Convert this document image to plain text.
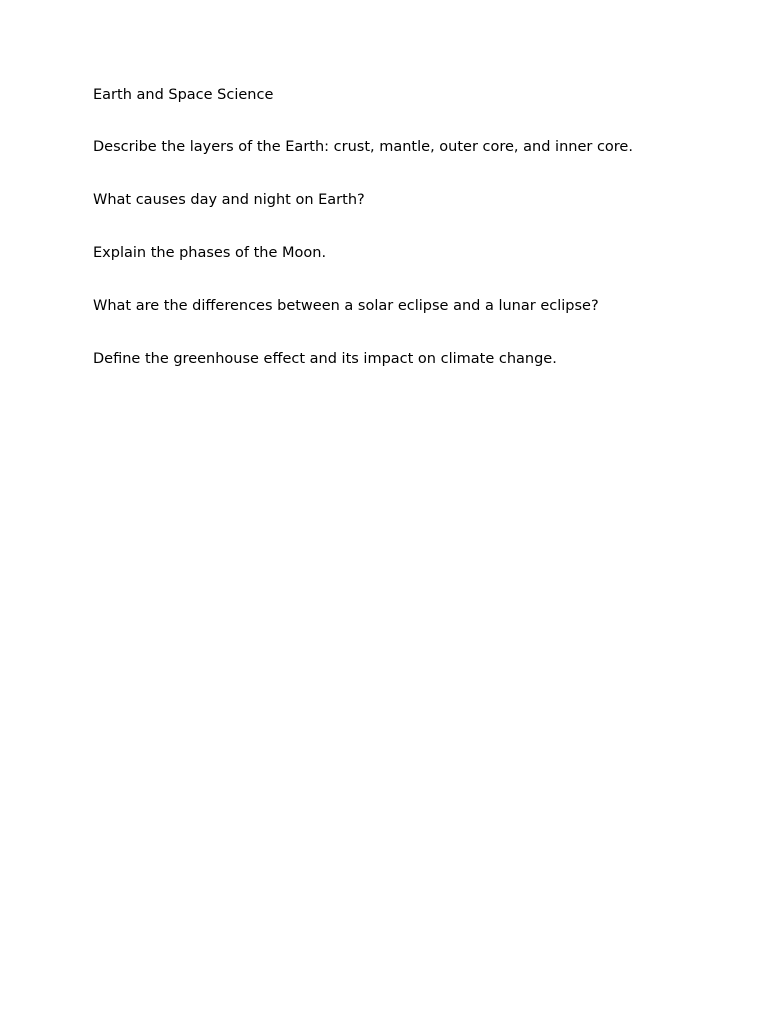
Earth and Space Science

Describe the layers of the Earth: crust, mantle, outer core, and inner core.

What causes day and night on Earth?

Explain the phases of the Moon.

What are the differences between a solar eclipse and a lunar eclipse?

Define the greenhouse effect and its impact on climate change.
